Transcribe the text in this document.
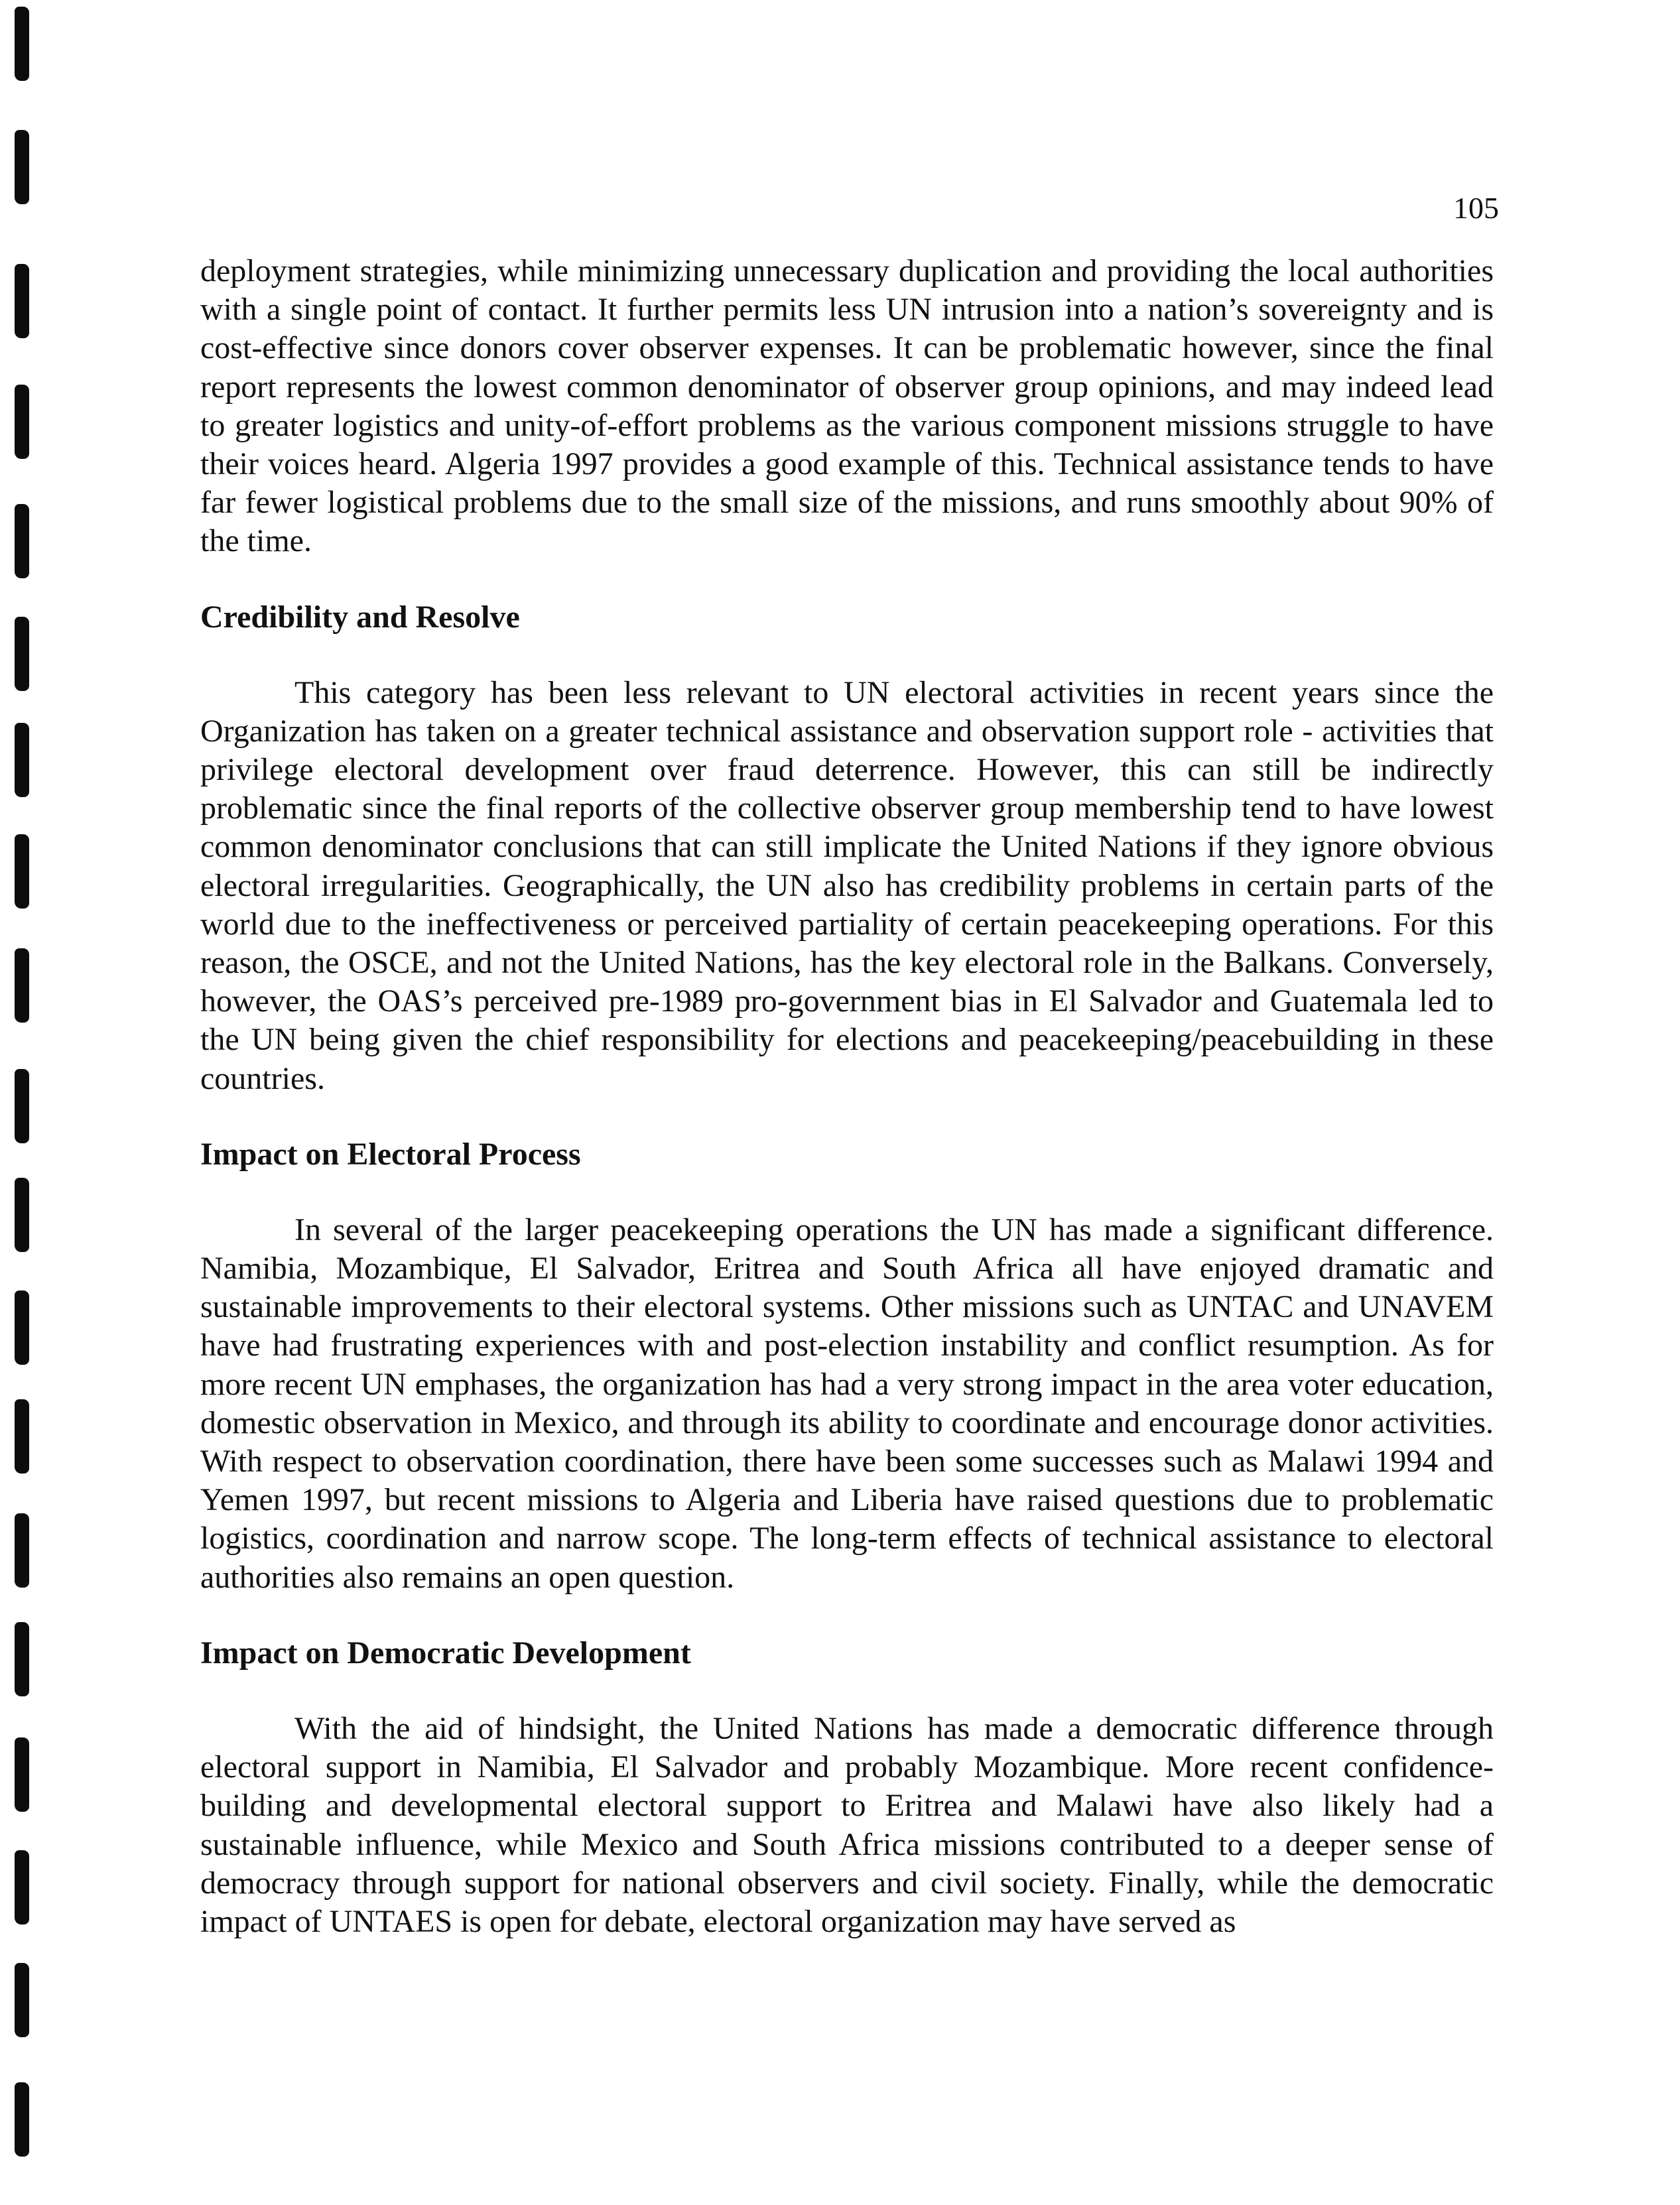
105

deployment strategies, while minimizing unnecessary duplication and providing the local authorities with a single point of contact. It further permits less UN intrusion into a nation’s sovereignty and is cost-effective since donors cover observer expenses. It can be problematic however, since the final report represents the lowest common denominator of observer group opinions, and may indeed lead to greater logistics and unity-of-effort problems as the various component missions struggle to have their voices heard. Algeria 1997 provides a good example of this. Technical assistance tends to have far fewer logistical problems due to the small size of the missions, and runs smoothly about 90% of the time.

Credibility and Resolve

This category has been less relevant to UN electoral activities in recent years since the Organization has taken on a greater technical assistance and observation support role - activities that privilege electoral development over fraud deterrence. However, this can still be indirectly problematic since the final reports of the collective observer group membership tend to have lowest common denominator conclusions that can still implicate the United Nations if they ignore obvious electoral irregularities. Geographically, the UN also has credibility problems in certain parts of the world due to the ineffectiveness or perceived partiality of certain peacekeeping operations. For this reason, the OSCE, and not the United Nations, has the key electoral role in the Balkans. Conversely, however, the OAS’s perceived pre-1989 pro-government bias in El Salvador and Guatemala led to the UN being given the chief responsibility for elections and peacekeeping/peacebuilding in these countries.

Impact on Electoral Process

In several of the larger peacekeeping operations the UN has made a significant difference. Namibia, Mozambique, El Salvador, Eritrea and South Africa all have enjoyed dramatic and sustainable improvements to their electoral systems. Other missions such as UNTAC and UNAVEM have had frustrating experiences with and post-election instability and conflict resumption. As for more recent UN emphases, the organization has had a very strong impact in the area voter education, domestic observation in Mexico, and through its ability to coordinate and encourage donor activities. With respect to observation coordination, there have been some successes such as Malawi 1994 and Yemen 1997, but recent missions to Algeria and Liberia have raised questions due to problematic logistics, coordination and narrow scope. The long-term effects of technical assistance to electoral authorities also remains an open question.

Impact on Democratic Development

With the aid of hindsight, the United Nations has made a democratic difference through electoral support in Namibia, El Salvador and probably Mozambique. More recent confidence-building and developmental electoral support to Eritrea and Malawi have also likely had a sustainable influence, while Mexico and South Africa missions contributed to a deeper sense of democracy through support for national observers and civil society. Finally, while the democratic impact of UNTAES is open for debate, electoral organization may have served as
